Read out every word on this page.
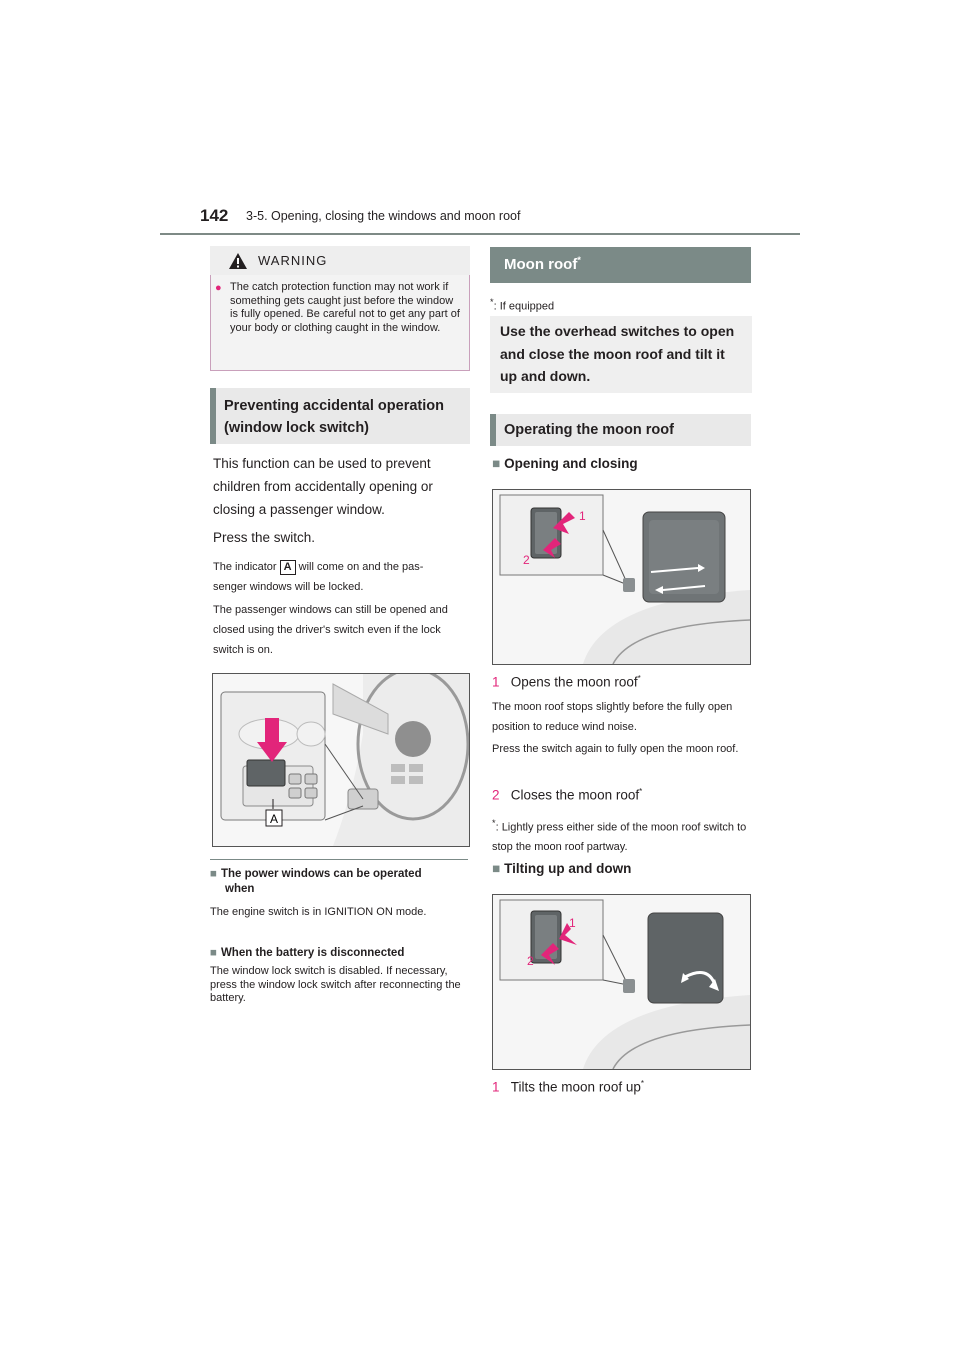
142 3-5. Opening, closing the windows and moon roof
WARNING
● The catch protection function may not work if something gets caught just before the window is fully opened. Be careful not to get any part of your body or clothing caught in the window.
Preventing accidental operation
(window lock switch)
This function can be used to prevent children from accidentally opening or closing a passenger window.
Press the switch.
The indicator A will come on and the pas-
senger windows will be locked.
The passenger windows can still be opened and closed using the driver's switch even if the lock switch is on.
A
■ The power windows can be operated
when
The engine switch is in IGNITION ON mode.
■ When the battery is disconnected
The window lock switch is disabled. If necessary, press the window lock switch after reconnecting the battery.
Moon roof*
*: If equipped
Use the overhead switches to open and close the moon roof and tilt it up and down.
Operating the moon roof
■ Opening and closing
1
2
1 Opens the moon roof*
The moon roof stops slightly before the fully open position to reduce wind noise.
Press the switch again to fully open the moon roof.
2 Closes the moon roof*
*: Lightly press either side of the moon roof switch to stop the moon roof partway.
■ Tilting up and down
1
2
1 Tilts the moon roof up*
